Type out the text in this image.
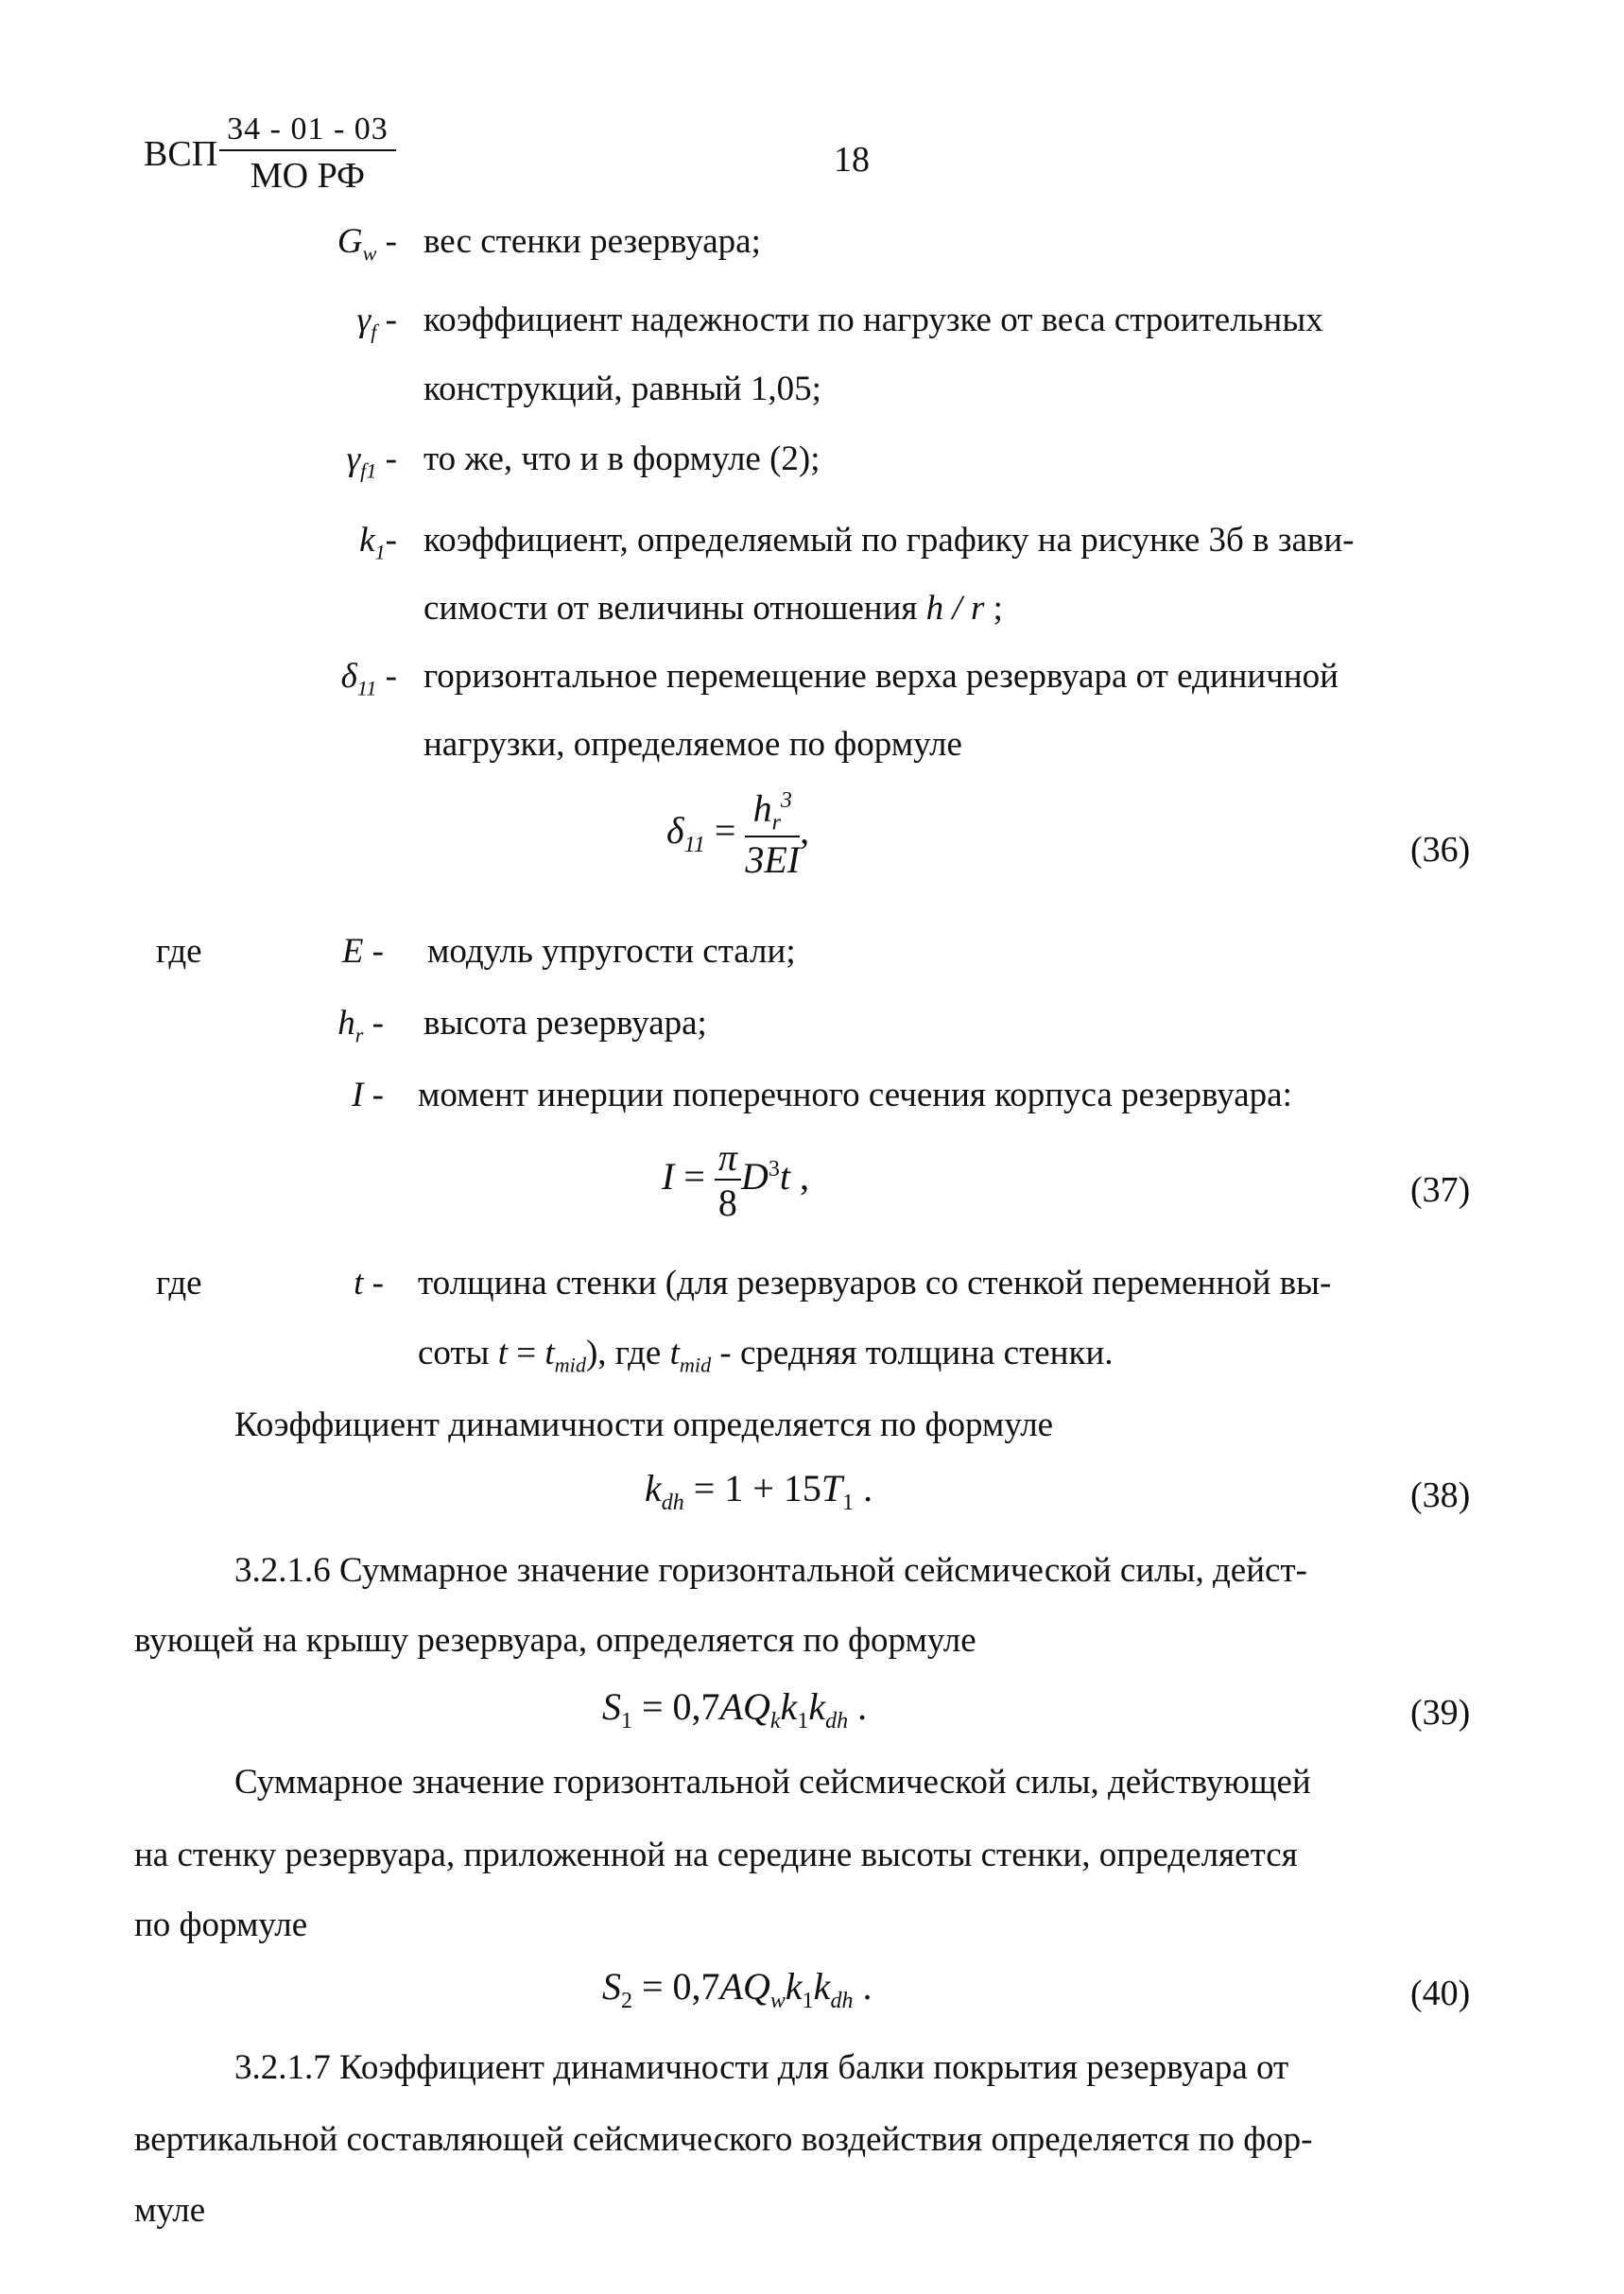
ВСП $\frac{34 - 01 - 03}{\text{МО РФ}}$	18
$G_w$ - вес стенки резервуара;
$\gamma_f$ - коэффициент надежности по нагрузке от веса строительных
конструкций, равный 1,05;
$\gamma_{f1}$ - то же, что и в формуле (2);
$k_1-$ коэффициент, определяемый по графику на рисунке 3б в зави-
симости от величины отношения h / r ;
$\delta_{11}$ - горизонтальное перемещение верха резервуара от единичной
нагрузки, определяемое по формуле
$\delta_{11} = \frac{h_r^3}{3EI}$ ,	(36)
где	E - модуль упругости стали;
$h_r$ - высота резервуара;
I - момент инерции поперечного сечения корпуса резервуара:
$I = \frac{\pi}{8} D^3t$ ,	(37)
где	t - толщина стенки (для резервуаров со стенкой переменной вы-
соты $t = t_{mid}$), где $t_{mid}$ - средняя толщина стенки.
Коэффициент динамичности определяется по формуле
$k_{dh} = 1 + 15T_1$ .	(38)
3.2.1.6 Суммарное значение горизонтальной сейсмической силы, дейст-
вующей на крышу резервуара, определяется по формуле
$S_1 = 0,7AQ_kk_1k_{dh}$ .	(39)
Суммарное значение горизонтальной сейсмической силы, действующей
на стенку резервуара, приложенной на середине высоты стенки, определяется
по формуле
$S_2 = 0,7AQ_wk_1k_{dh}$ .	(40)
3.2.1.7 Коэффициент динамичности для балки покрытия резервуара от
вертикальной составляющей сейсмического воздействия определяется по фор-
муле
